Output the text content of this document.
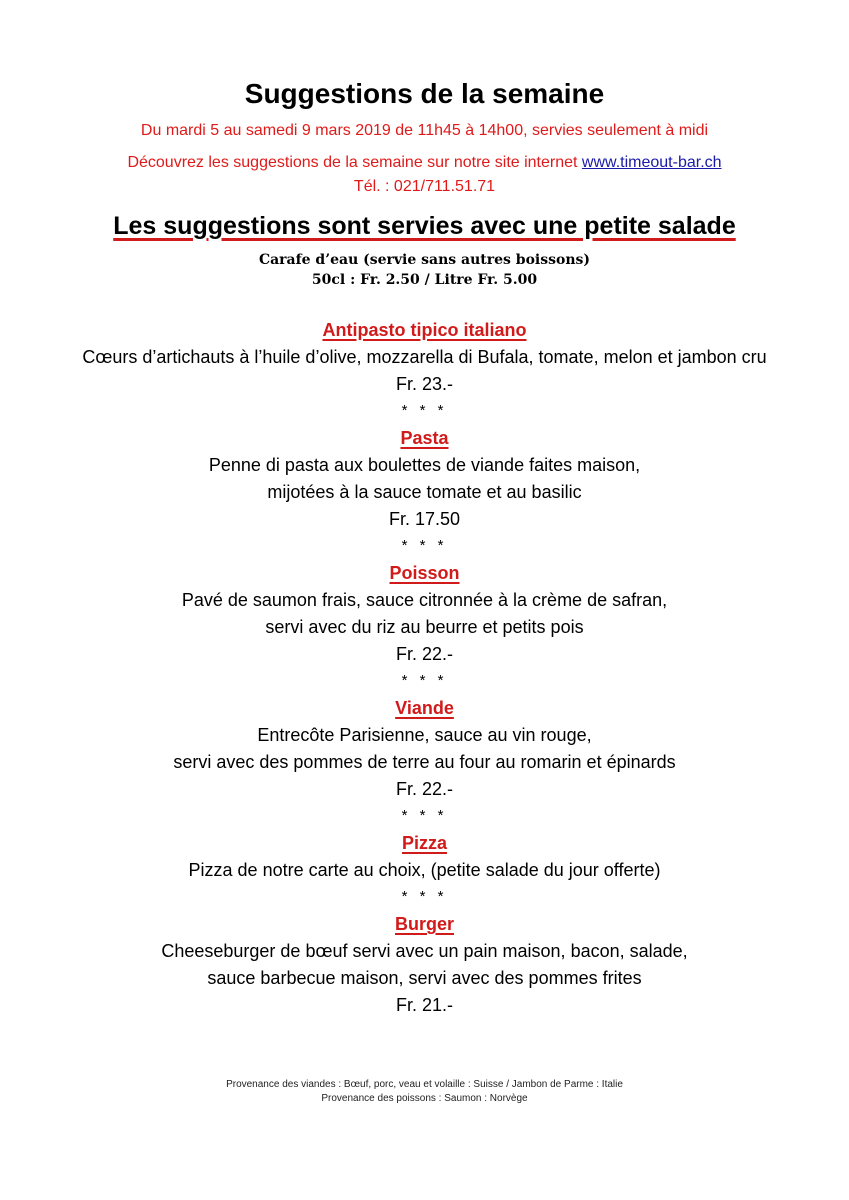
Suggestions de la semaine
Du mardi 5 au samedi 9 mars 2019 de 11h45 à 14h00, servies seulement à midi
Découvrez les suggestions de la semaine sur notre site internet www.timeout-bar.ch
Tél. : 021/711.51.71
Les suggestions sont servies avec une petite salade
Carafe d’eau (servie sans autres boissons)
50cl : Fr. 2.50 / Litre Fr. 5.00
Antipasto tipico italiano
Cœurs d’artichauts à l’huile d’olive, mozzarella di Bufala, tomate, melon et jambon cru
Fr. 23.-
* * *
Pasta
Penne di pasta aux boulettes de viande faites maison,
mijotées à la sauce tomate et au basilic
Fr. 17.50
* * *
Poisson
Pavé de saumon frais, sauce citronnée à la crème de safran,
servi avec du riz au beurre et petits pois
Fr. 22.-
* * *
Viande
Entrecôte Parisienne, sauce au vin rouge,
servi avec des pommes de terre au four au romarin et épinards
Fr. 22.-
* * *
Pizza
Pizza de notre carte au choix, (petite salade du jour offerte)
* * *
Burger
Cheeseburger de bœuf servi avec un pain maison, bacon, salade,
sauce barbecue maison, servi avec des pommes frites
Fr. 21.-
Provenance des viandes : Bœuf, porc, veau et volaille : Suisse / Jambon de Parme : Italie
Provenance des poissons : Saumon : Norvège
